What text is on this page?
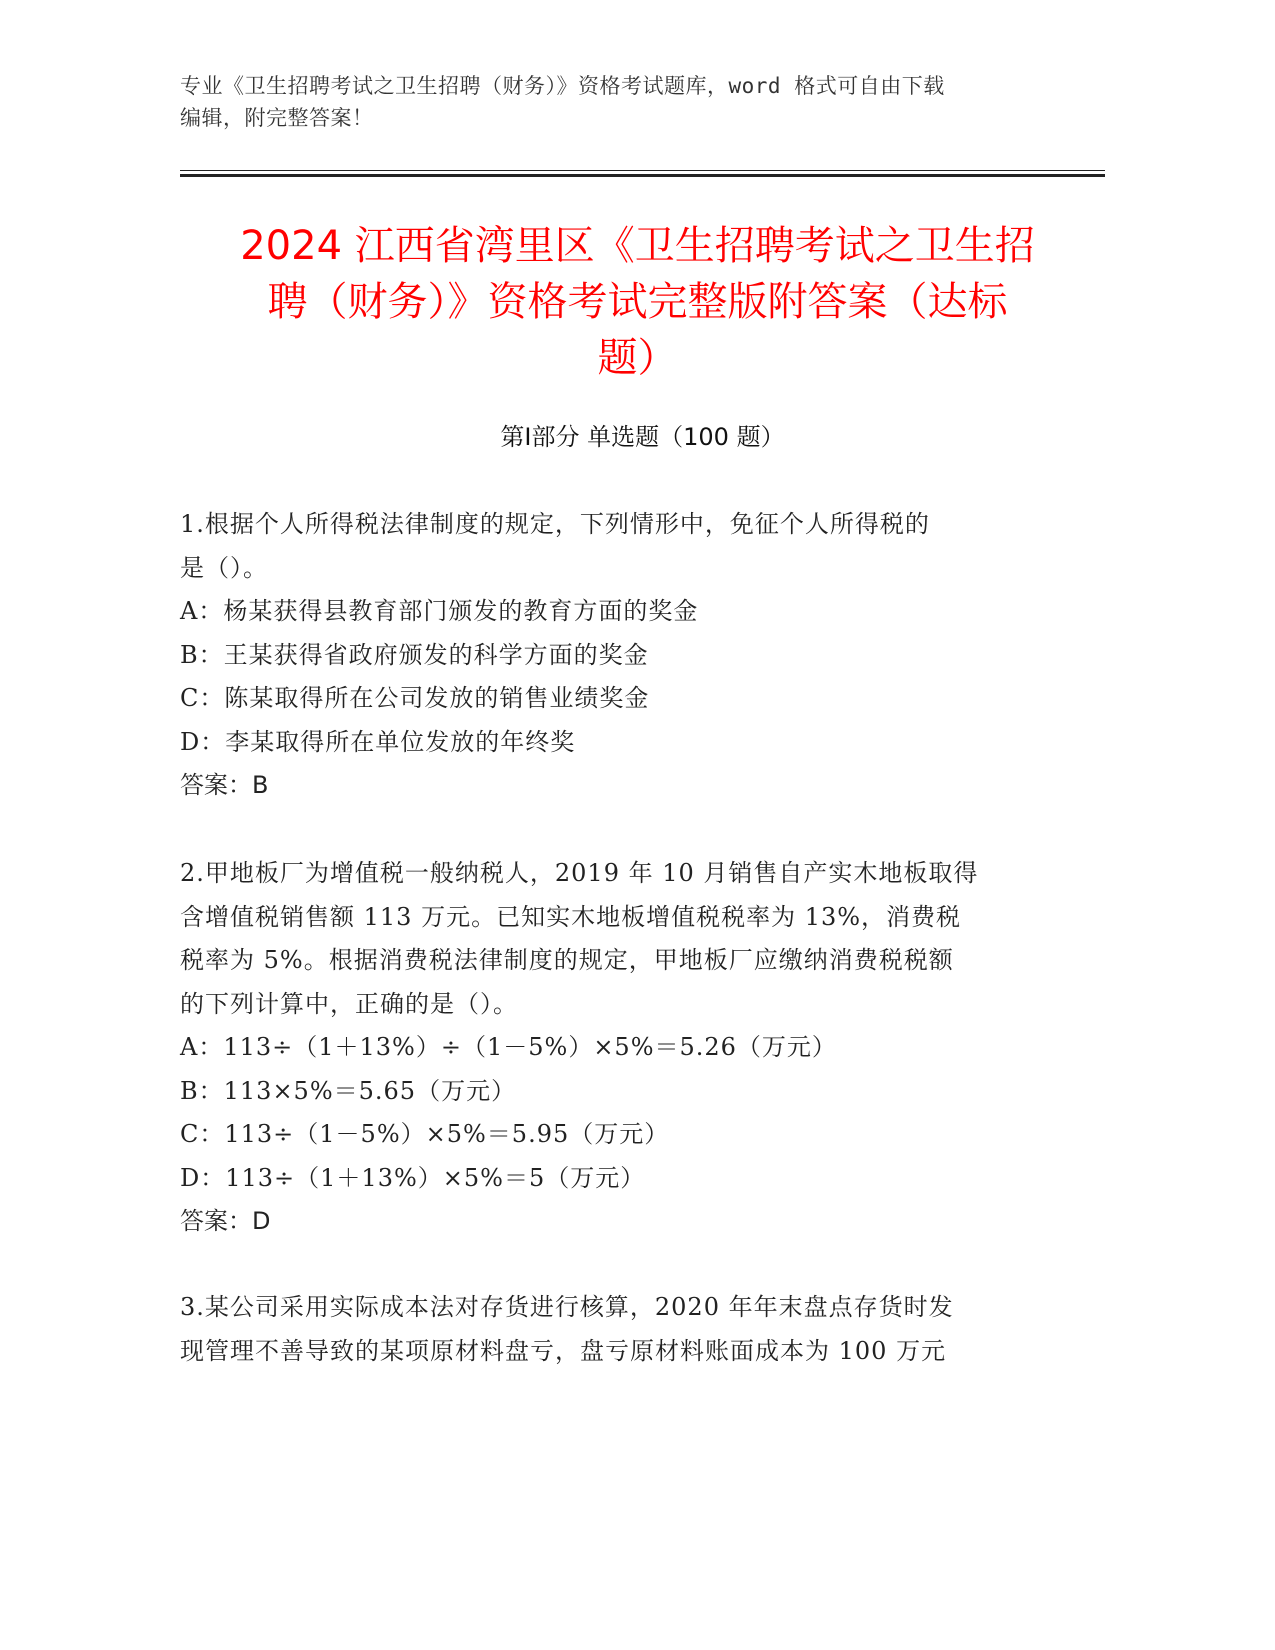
专业《卫生招聘考试之卫生招聘（财务）》资格考试题库，word 格式可自由下载
编辑，附完整答案！
2024 江西省湾里区《卫生招聘考试之卫生招
聘（财务）》资格考试完整版附答案（达标
题）
第Ⅰ部分 单选题（100 题）
1.根据个人所得税法律制度的规定，下列情形中，免征个人所得税的
是（）。
A：杨某获得县教育部门颁发的教育方面的奖金
B：王某获得省政府颁发的科学方面的奖金
C：陈某取得所在公司发放的销售业绩奖金
D：李某取得所在单位发放的年终奖
答案：B
2.甲地板厂为增值税一般纳税人，2019 年 10 月销售自产实木地板取得
含增值税销售额 113 万元。已知实木地板增值税税率为 13%，消费税
税率为 5%。根据消费税法律制度的规定，甲地板厂应缴纳消费税税额
的下列计算中，正确的是（）。
A：113÷（1＋13%）÷（1－5%）×5%＝5.26（万元）
B：113×5%＝5.65（万元）
C：113÷（1－5%）×5%＝5.95（万元）
D：113÷（1＋13%）×5%＝5（万元）
答案：D
3.某公司采用实际成本法对存货进行核算，2020 年年末盘点存货时发
现管理不善导致的某项原材料盘亏，盘亏原材料账面成本为 100 万元
